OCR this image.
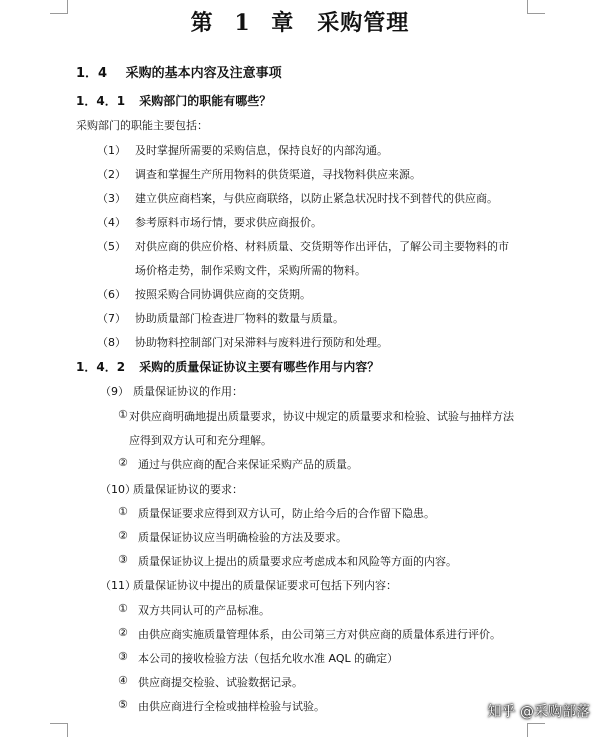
第 1 章　采购管理
1．4 采购的基本内容及注意事项
1．4．1 采购部门的职能有哪些？
采购部门的职能主要包括：
（1） 及时掌握所需要的采购信息，保持良好的内部沟通。
（2） 调查和掌握生产所用物料的供货渠道，寻找物料供应来源。
（3） 建立供应商档案，与供应商联络，以防止紧急状况时找不到替代的供应商。
（4） 参考原料市场行情，要求供应商报价。
（5） 对供应商的供应价格、材料质量、交货期等作出评估，了解公司主要物料的市
场价格走势，制作采购文件，采购所需的物料。
（6） 按照采购合同协调供应商的交货期。
（7） 协助质量部门检查进厂物料的数量与质量。
（8） 协助物料控制部门对呆滞料与废料进行预防和处理。
1．4．2 采购的质量保证协议主要有哪些作用与内容？
（9） 质量保证协议的作用：
① 对供应商明确地提出质量要求，协议中规定的质量要求和检验、试验与抽样方法
应得到双方认可和充分理解。
② 通过与供应商的配合来保证采购产品的质量。
（10）
质量保证协议的要求：
① 质量保证要求应得到双方认可，防止给今后的合作留下隐患。
② 质量保证协议应当明确检验的方法及要求。
③ 质量保证协议上提出的质量要求应考虑成本和风险等方面的内容。
（11）
质量保证协议中提出的质量保证要求可包括下列内容：
① 双方共同认可的产品标准。
② 由供应商实施质量管理体系，由公司第三方对供应商的质量体系进行评价。
③ 本公司的接收检验方法（包括允收水准 AQL 的确定）
④ 供应商提交检验、试验数据记录。
⑤ 由供应商进行全检或抽样检验与试验。	知乎 @采购部落
